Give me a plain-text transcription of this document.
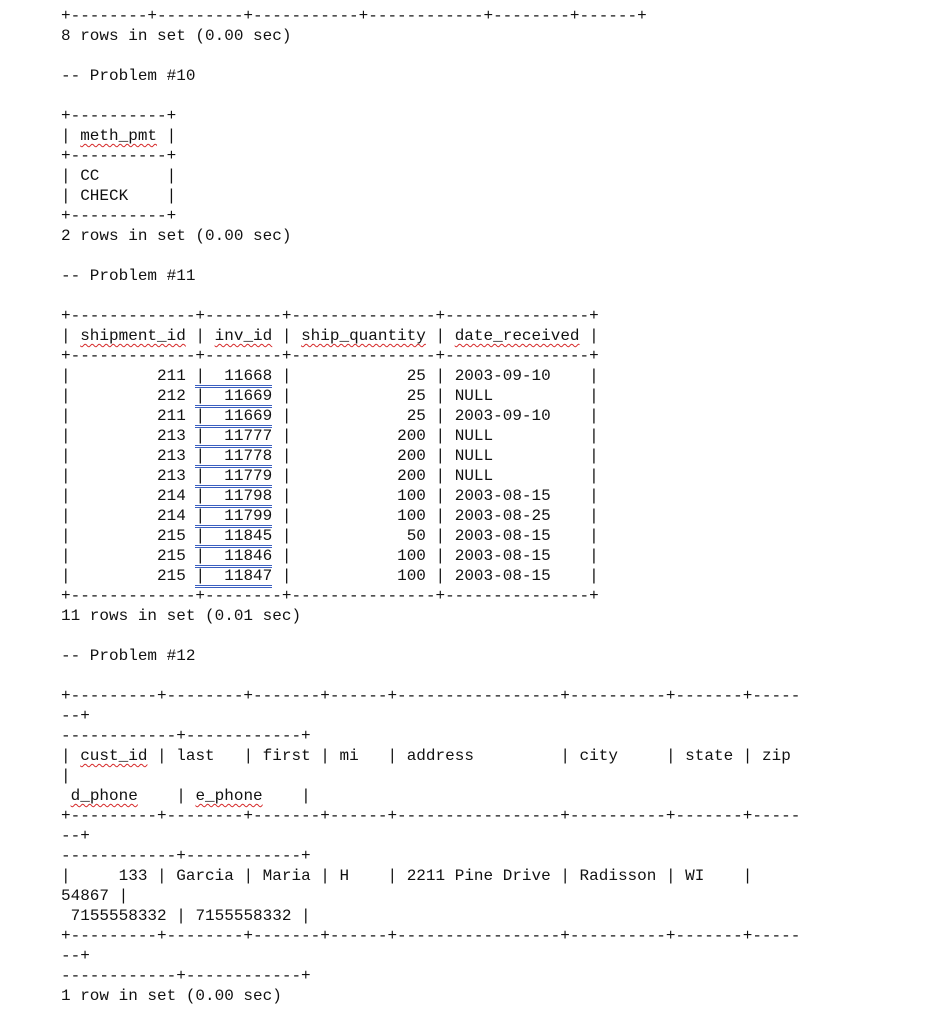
+--------+---------+-----------+------------+--------+------+
8 rows in set (0.00 sec)
-- Problem #10
+----------+
| meth_pmt |
+----------+
| CC       |
| CHECK    |
+----------+
2 rows in set (0.00 sec)
-- Problem #11
+-------------+--------+---------------+---------------+
| shipment_id | inv_id | ship_quantity | date_received |
+-------------+--------+---------------+---------------+
|         211 |  11668 |            25 | 2003-09-10    |
|         212 |  11669 |            25 | NULL          |
|         211 |  11669 |            25 | 2003-09-10    |
|         213 |  11777 |           200 | NULL          |
|         213 |  11778 |           200 | NULL          |
|         213 |  11779 |           200 | NULL          |
|         214 |  11798 |           100 | 2003-08-15    |
|         214 |  11799 |           100 | 2003-08-25    |
|         215 |  11845 |            50 | 2003-08-15    |
|         215 |  11846 |           100 | 2003-08-15    |
|         215 |  11847 |           100 | 2003-08-15    |
+-------------+--------+---------------+---------------+
11 rows in set (0.01 sec)
-- Problem #12
+---------+--------+-------+------+-----------------+----------+-------+-----
--+
------------+------------+
| cust_id | last   | first | mi   | address         | city     | state | zip
|
d_phone    | e_phone    |
+---------+--------+-------+------+-----------------+----------+-------+-----
--+
------------+------------+
|     133 | Garcia | Maria | H    | 2211 Pine Drive | Radisson | WI    |
54867 |
7155558332 | 7155558332 |
+---------+--------+-------+------+-----------------+----------+-------+-----
--+
------------+------------+
1 row in set (0.00 sec)
